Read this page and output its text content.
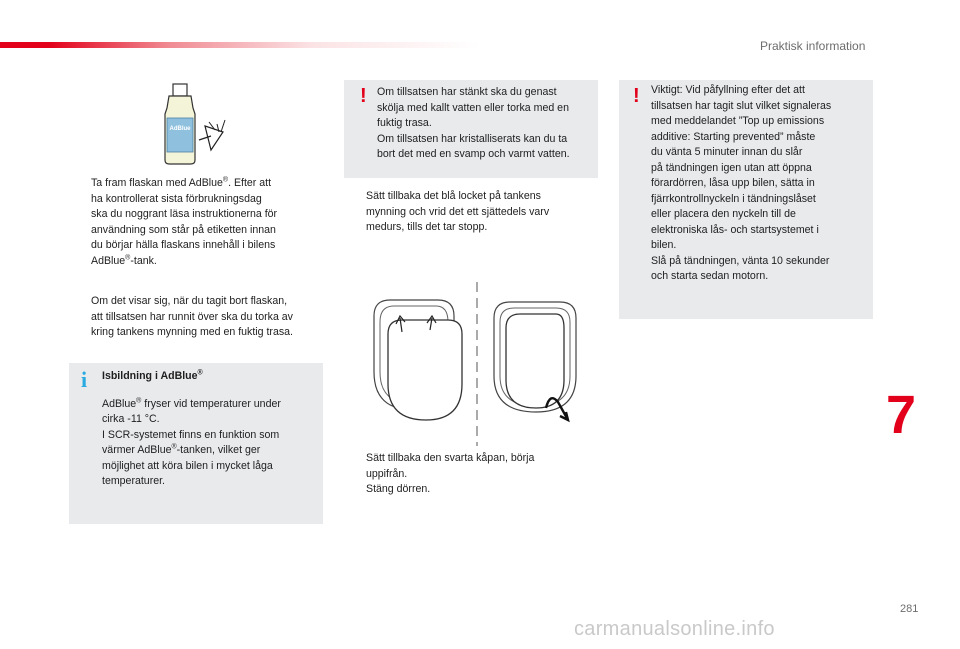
Praktisk information
AdBlue

Ta fram flaskan med AdBlue®. Efter att

ha kontrollerat sista förbrukningsdag

ska du noggrant läsa instruktionerna för

användning som står på etiketten innan

du börjar hälla flaskans innehåll i bilens

AdBlue®-tank.

Om det visar sig, när du tagit bort flaskan,

att tillsatsen har runnit över ska du torka av

kring tankens mynning med en fuktig trasa.

i Isbildning i AdBlue®

AdBlue® fryser vid temperaturer under

cirka -11 °C.

I SCR-systemet finns en funktion som

värmer AdBlue®-tanken, vilket ger

möjlighet att köra bilen i mycket låga

temperaturer.

! Om tillsatsen har stänkt ska du genast

skölja med kallt vatten eller torka med en

fuktig trasa.

Om tillsatsen har kristalliserats kan du ta

bort det med en svamp och varmt vatten.

Sätt tillbaka det blå locket på tankens

mynning och vrid det ett sjättedels varv

medurs, tills det tar stopp.

Sätt tillbaka den svarta kåpan, börja

uppifrån.

Stäng dörren.

! Viktigt: Vid påfyllning efter det att

tillsatsen har tagit slut vilket signaleras

med meddelandet ”Top up emissions

additive: Starting prevented” måste

du vänta 5 minuter innan du slår

på tändningen igen utan att öppna

förardörren, låsa upp bilen, sätta in

fjärrkontrollnyckeln i tändningslåset

eller placera den nyckeln till de

elektroniska lås- och startsystemet i

bilen.

Slå på tändningen, vänta 10 sekunder

och starta sedan motorn.

7
281
carmanualsonline.info
